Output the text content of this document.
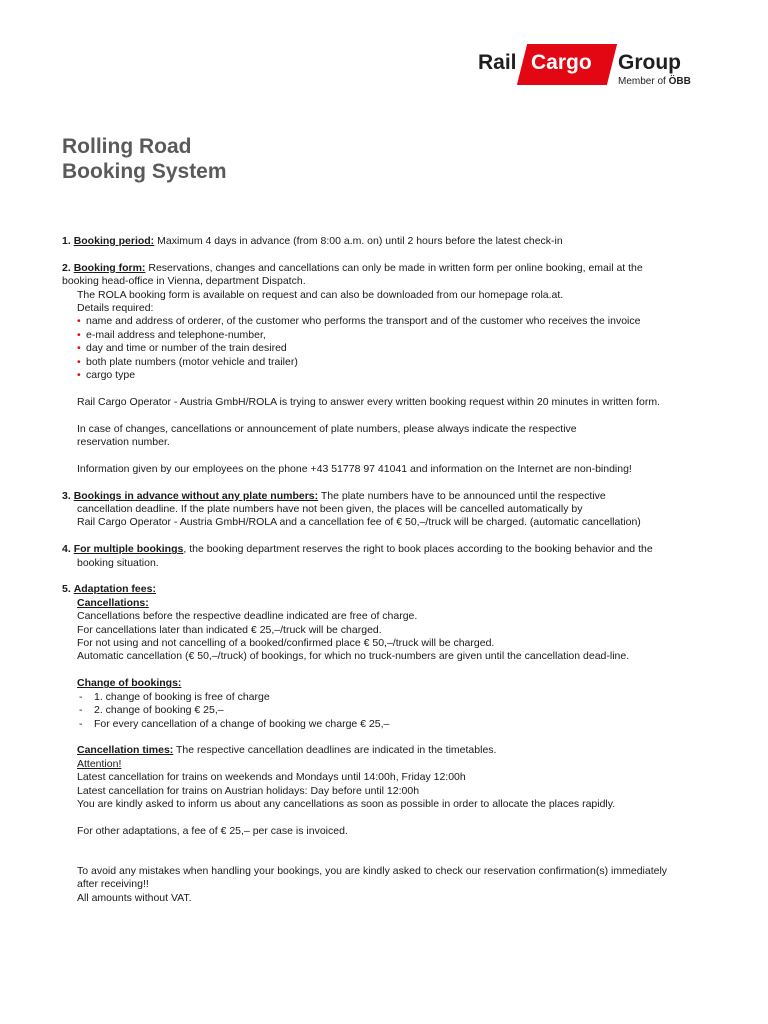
Rail Cargo Group
Member of ÖBB
Rolling Road
Booking System
1. Booking period: Maximum 4 days in advance (from 8:00 a.m. on) until 2 hours before the latest check-in
2. Booking form: Reservations, changes and cancellations can only be made in written form per online booking, email at the
booking head-office in Vienna, department Dispatch.
The ROLA booking form is available on request and can also be downloaded from our homepage rola.at.
Details required:
• name and address of orderer, of the customer who performs the transport and of the customer who receives the invoice
• e-mail address and telephone-number,
• day and time or number of the train desired
• both plate numbers (motor vehicle and trailer)
• cargo type
Rail Cargo Operator - Austria GmbH/ROLA is trying to answer every written booking request within 20 minutes in written form.
In case of changes, cancellations or announcement of plate numbers, please always indicate the respective
reservation number.
Information given by our employees on the phone +43 51778 97 41041 and information on the Internet are non-binding!
3. Bookings in advance without any plate numbers: The plate numbers have to be announced until the respective
cancellation deadline. If the plate numbers have not been given, the places will be cancelled automatically by
Rail Cargo Operator - Austria GmbH/ROLA and a cancellation fee of € 50,–/truck will be charged. (automatic cancellation)
4. For multiple bookings, the booking department reserves the right to book places according to the booking behavior and the
booking situation.
5. Adaptation fees:
Cancellations:
Cancellations before the respective deadline indicated are free of charge.
For cancellations later than indicated € 25,–/truck will be charged.
For not using and not cancelling of a booked/confirmed place € 50,–/truck will be charged.
Automatic cancellation (€ 50,–/truck) of bookings, for which no truck-numbers are given until the cancellation dead-line.
Change of bookings:
- 1. change of booking is free of charge
- 2. change of booking € 25,–
- For every cancellation of a change of booking we charge € 25,–
Cancellation times: The respective cancellation deadlines are indicated in the timetables.
Attention!
Latest cancellation for trains on weekends and Mondays until 14:00h, Friday 12:00h
Latest cancellation for trains on Austrian holidays: Day before until 12:00h
You are kindly asked to inform us about any cancellations as soon as possible in order to allocate the places rapidly.
For other adaptations, a fee of € 25,– per case is invoiced.
To avoid any mistakes when handling your bookings, you are kindly asked to check our reservation confirmation(s) immediately
after receiving!!
All amounts without VAT.
